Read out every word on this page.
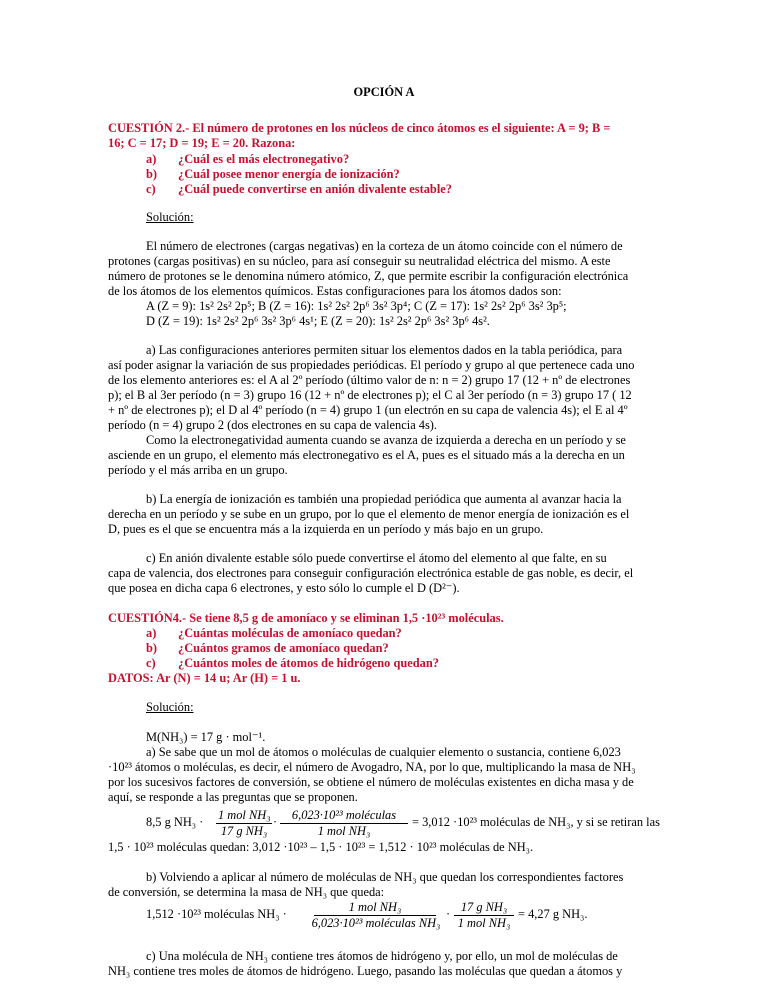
OPCIÓN A
CUESTIÓN 2.- El número de protones en los núcleos de cinco átomos es el siguiente: A = 9; B =
16; C = 17; D = 19; E = 20. Razona:
a) ¿Cuál es el más electronegativo?
b) ¿Cuál posee menor energía de ionización?
c) ¿Cuál puede convertirse en anión divalente estable?
Solución:
El número de electrones (cargas negativas) en la corteza de un átomo coincide con el número de
protones (cargas positivas) en su núcleo, para así conseguir su neutralidad eléctrica del mismo. A este
número de protones se le denomina número atómico, Z, que permite escribir la configuración electrónica
de los átomos de los elementos químicos. Estas configuraciones para los átomos dados son:
A (Z = 9): 1s² 2s² 2p⁵; B (Z = 16): 1s² 2s² 2p⁶ 3s² 3p⁴; C (Z = 17): 1s² 2s² 2p⁶ 3s² 3p⁵;
D (Z = 19): 1s² 2s² 2p⁶ 3s² 3p⁶ 4s¹; E (Z = 20): 1s² 2s² 2p⁶ 3s² 3p⁶ 4s².
a) Las configuraciones anteriores permiten situar los elementos dados en la tabla periódica, para
así poder asignar la variación de sus propiedades periódicas. El período y grupo al que pertenece cada uno
de los elemento anteriores es: el A al 2º período (último valor de n: n = 2) grupo 17 (12 + nº de electrones
p); el B al 3er período (n = 3) grupo 16 (12 + nº de electrones p); el C al 3er período (n = 3) grupo 17 ( 12
+ nº de electrones p); el D al 4º período (n = 4) grupo 1 (un electrón en su capa de valencia 4s); el E al 4º
período (n = 4) grupo 2 (dos electrones en su capa de valencia 4s).
Como la electronegatividad aumenta cuando se avanza de izquierda a derecha en un período y se
asciende en un grupo, el elemento más electronegativo es el A, pues es el situado más a la derecha en un
período y el más arriba en un grupo.
b) La energía de ionización es también una propiedad periódica que aumenta al avanzar hacia la
derecha en un período y se sube en un grupo, por lo que el elemento de menor energía de ionización es el
D, pues es el que se encuentra más a la izquierda en un período y más bajo en un grupo.
c) En anión divalente estable sólo puede convertirse el átomo del elemento al que falte, en su
capa de valencia, dos electrones para conseguir configuración electrónica estable de gas noble, es decir, el
que posea en dicha capa 6 electrones, y esto sólo lo cumple el D (D²⁻).
CUESTIÓN4.- Se tiene 8,5 g de amoníaco y se eliminan 1,5 ·10²³ moléculas.
a) ¿Cuántas moléculas de amoníaco quedan?
b) ¿Cuántos gramos de amoníaco quedan?
c) ¿Cuántos moles de átomos de hidrógeno quedan?
DATOS: Ar (N) = 14 u; Ar (H) = 1 u.
Solución:
M(NH₃) = 17 g · mol⁻¹.
a) Se sabe que un mol de átomos o moléculas de cualquier elemento o sustancia, contiene 6,023
·10²³ átomos o moléculas, es decir, el número de Avogadro, NA, por lo que, multiplicando la masa de NH₃
por los sucesivos factores de conversión, se obtiene el número de moléculas existentes en dicha masa y de
aquí, se responde a las preguntas que se proponen.
8,5 g NH₃ · 1 mol NH₃
17 g NH₃
·	6,023·10²³ moléculas
1 mol NH₃
= 3,012 ·10²³ moléculas de NH₃, y si se retiran las
1,5 · 10²³ moléculas quedan: 3,012 ·10²³ – 1,5 · 10²³ = 1,512 · 10²³ moléculas de NH₃.
b) Volviendo a aplicar al número de moléculas de NH₃ que quedan los correspondientes factores
de conversión, se determina la masa de NH₃ que queda:
1,512 ·10²³ moléculas NH₃ ·	1 mol NH₃
6,023·10²³ moléculas NH₃
· 17 g NH₃
1 mol NH₃
= 4,27 g NH₃.
c) Una molécula de NH₃ contiene tres átomos de hidrógeno y, por ello, un mol de moléculas de
NH₃ contiene tres moles de átomos de hidrógeno. Luego, pasando las moléculas que quedan a átomos y
